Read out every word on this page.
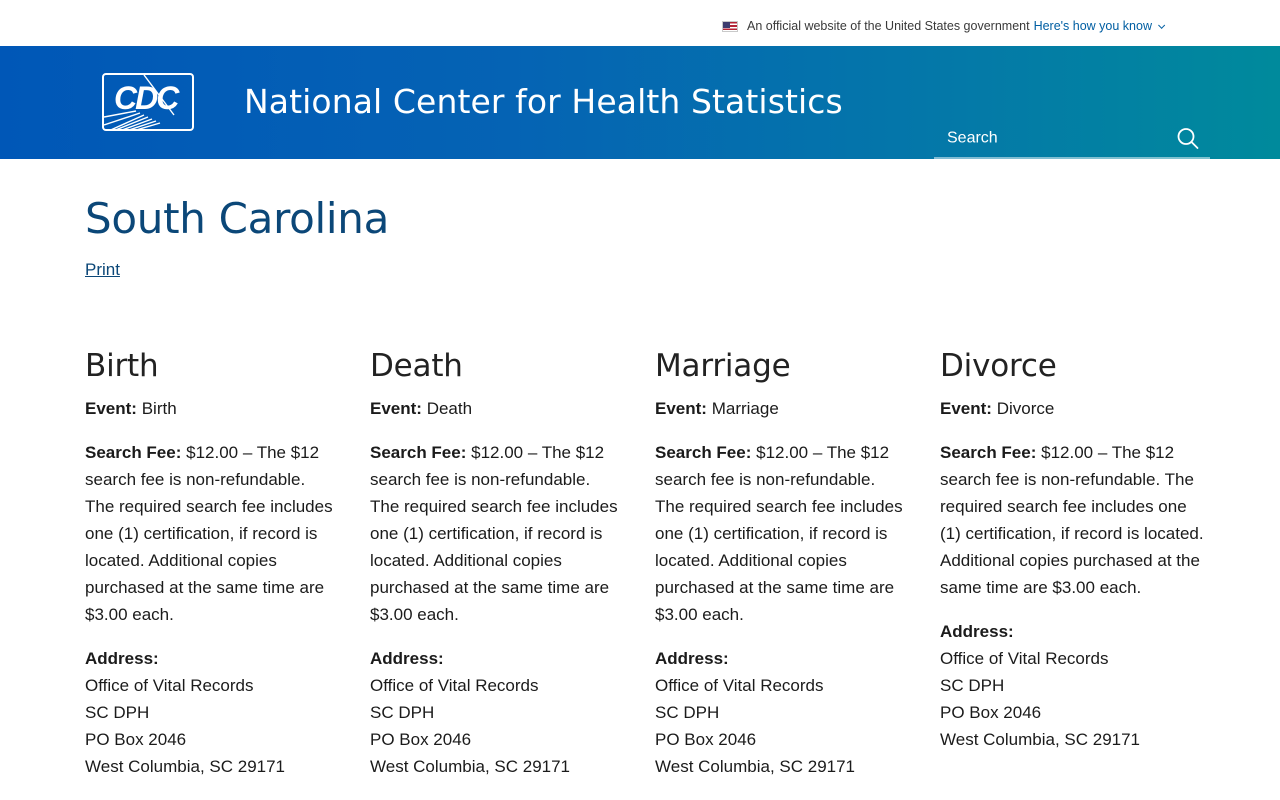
An official website of the United States government Here's how you know
CDC National Center for Health Statistics
Search
South Carolina
Print
Birth

Event: Birth

Search Fee: $12.00 – The $12 search fee is non-refundable. The required search fee includes one (1) certification, if record is located. Additional copies purchased at the same time are $3.00 each.

Address:
Office of Vital Records
SC DPH
PO Box 2046
West Columbia, SC 29171

Death

Event: Death

Search Fee: $12.00 – The $12 search fee is non-refundable. The required search fee includes one (1) certification, if record is located. Additional copies purchased at the same time are $3.00 each.

Address:
Office of Vital Records
SC DPH
PO Box 2046
West Columbia, SC 29171

Marriage

Event: Marriage

Search Fee: $12.00 – The $12 search fee is non-refundable. The required search fee includes one (1) certification, if record is located. Additional copies purchased at the same time are $3.00 each.

Address:
Office of Vital Records
SC DPH
PO Box 2046
West Columbia, SC 29171

Divorce

Event: Divorce

Search Fee: $12.00 – The $12 search fee is non-refundable. The required search fee includes one (1) certification, if record is located. Additional copies purchased at the same time are $3.00 each.

Address:
Office of Vital Records
SC DPH
PO Box 2046
West Columbia, SC 29171
